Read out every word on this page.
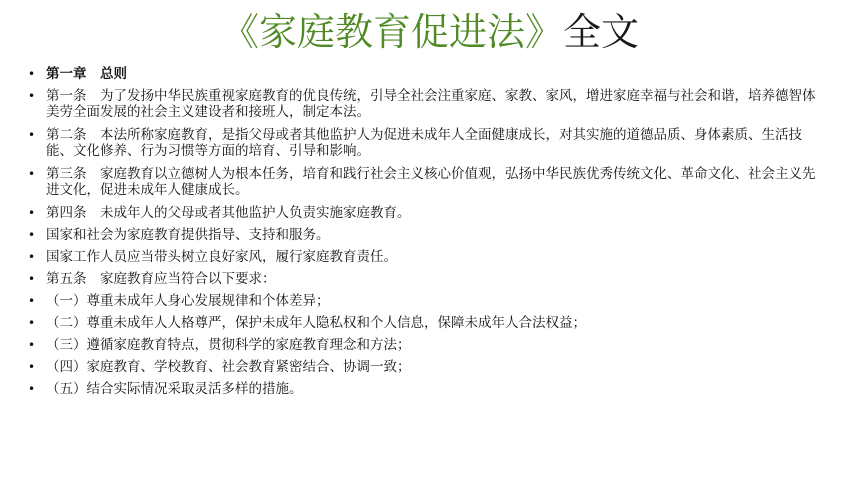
《家庭教育促进法》全文
• 第一章　总则
• 第一条　为了发扬中华民族重视家庭教育的优良传统，引导全社会注重家庭、家教、家风，增进家庭幸福与社会和谐，培养德智体美劳全面发展的社会主义建设者和接班人，制定本法。
• 第二条　本法所称家庭教育，是指父母或者其他监护人为促进未成年人全面健康成长，对其实施的道德品质、身体素质、生活技能、文化修养、行为习惯等方面的培育、引导和影响。
• 第三条　家庭教育以立德树人为根本任务，培育和践行社会主义核心价值观，弘扬中华民族优秀传统文化、革命文化、社会主义先进文化，促进未成年人健康成长。
• 第四条　未成年人的父母或者其他监护人负责实施家庭教育。
• 国家和社会为家庭教育提供指导、支持和服务。
• 国家工作人员应当带头树立良好家风，履行家庭教育责任。
• 第五条　家庭教育应当符合以下要求：
• （一）尊重未成年人身心发展规律和个体差异；
• （二）尊重未成年人人格尊严，保护未成年人隐私权和个人信息，保障未成年人合法权益；
• （三）遵循家庭教育特点，贯彻科学的家庭教育理念和方法；
• （四）家庭教育、学校教育、社会教育紧密结合、协调一致；
• （五）结合实际情况采取灵活多样的措施。
